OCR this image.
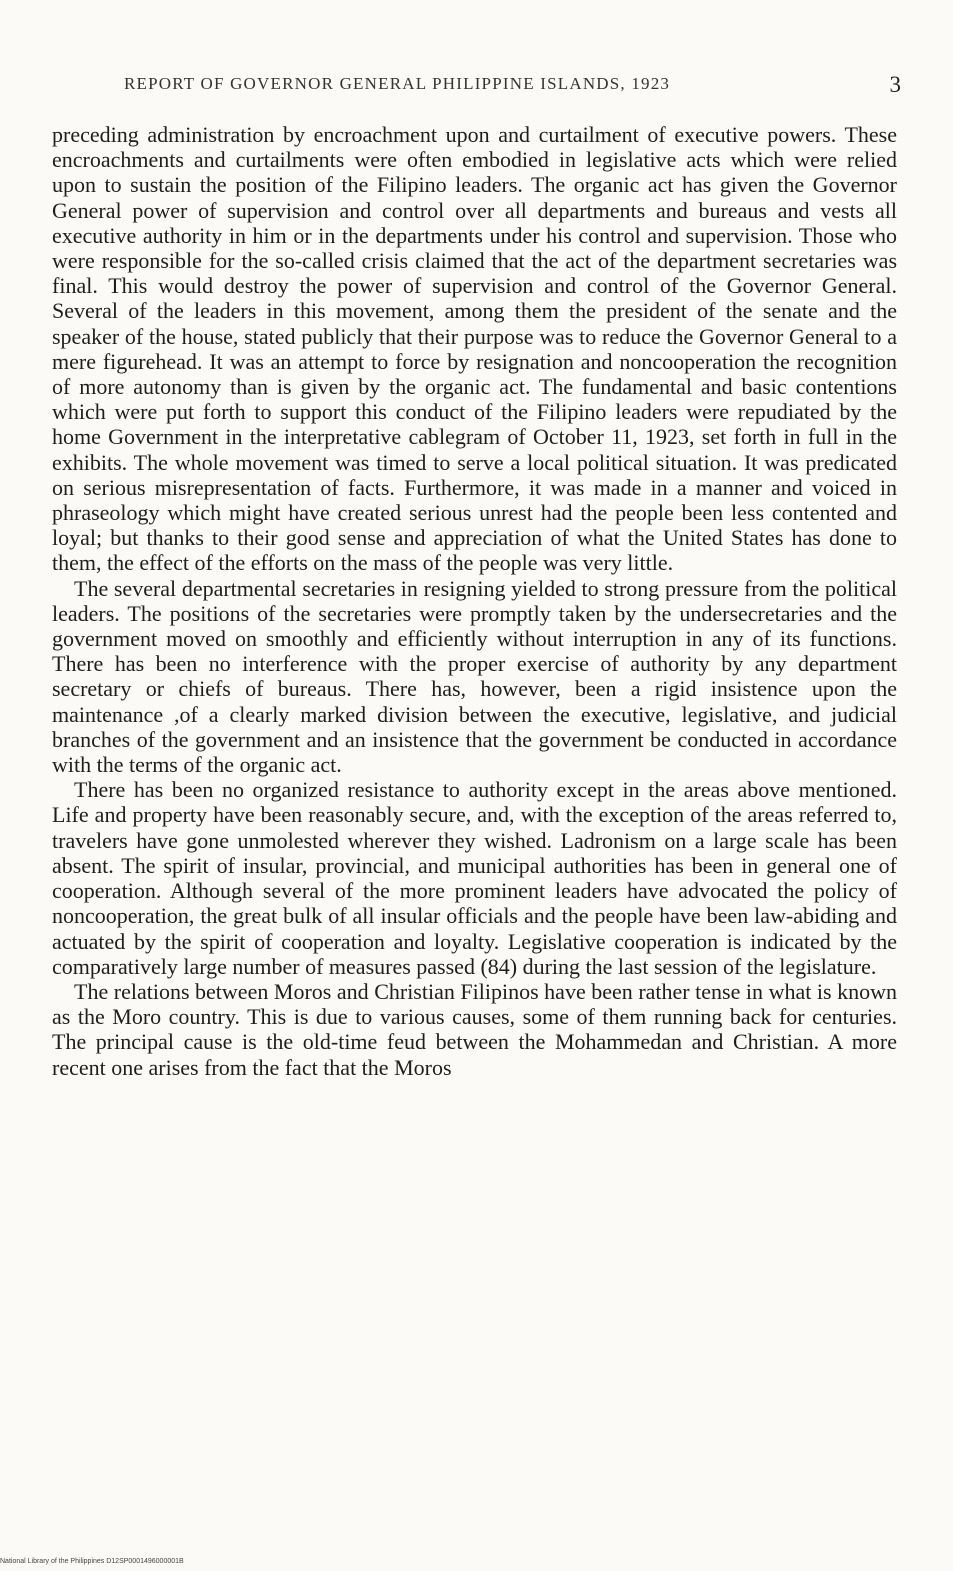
REPORT OF GOVERNOR GENERAL PHILIPPINE ISLANDS, 1923	3

preceding administration by encroachment upon and curtailment of executive powers. These encroachments and curtailments were often embodied in legislative acts which were relied upon to sustain the position of the Filipino leaders. The organic act has given the Governor General power of supervision and control over all departments and bureaus and vests all executive authority in him or in the departments under his control and supervision. Those who were responsible for the so-called crisis claimed that the act of the department secretaries was final. This would destroy the power of supervision and control of the Governor General. Several of the leaders in this movement, among them the president of the senate and the speaker of the house, stated publicly that their purpose was to reduce the Governor General to a mere figurehead. It was an attempt to force by resignation and noncooperation the recognition of more autonomy than is given by the organic act. The fundamental and basic contentions which were put forth to support this conduct of the Filipino leaders were repudiated by the home Government in the interpretative cablegram of October 11, 1923, set forth in full in the exhibits. The whole movement was timed to serve a local political situation. It was predicated on serious misrepresentation of facts. Furthermore, it was made in a manner and voiced in phraseology which might have created serious unrest had the people been less contented and loyal; but thanks to their good sense and appreciation of what the United States has done to them, the effect of the efforts on the mass of the people was very little.

The several departmental secretaries in resigning yielded to strong pressure from the political leaders. The positions of the secretaries were promptly taken by the undersecretaries and the government moved on smoothly and efficiently without interruption in any of its functions. There has been no interference with the proper exercise of authority by any department secretary or chiefs of bureaus. There has, however, been a rigid insistence upon the maintenance ,of a clearly marked division between the executive, legislative, and judicial branches of the government and an insistence that the government be conducted in accordance with the terms of the organic act.

There has been no organized resistance to authority except in the areas above mentioned. Life and property have been reasonably secure, and, with the exception of the areas referred to, travelers have gone unmolested wherever they wished. Ladronism on a large scale has been absent. The spirit of insular, provincial, and municipal authorities has been in general one of cooperation. Although several of the more prominent leaders have advocated the policy of noncooperation, the great bulk of all insular officials and the people have been law-abiding and actuated by the spirit of cooperation and loyalty. Legislative cooperation is indicated by the comparatively large number of measures passed (84) during the last session of the legislature.

The relations between Moros and Christian Filipinos have been rather tense in what is known as the Moro country. This is due to various causes, some of them running back for centuries. The principal cause is the old-time feud between the Mohammedan and Christian. A more recent one arises from the fact that the Moros

National Library of the Philippines D12SP0001496000001B
